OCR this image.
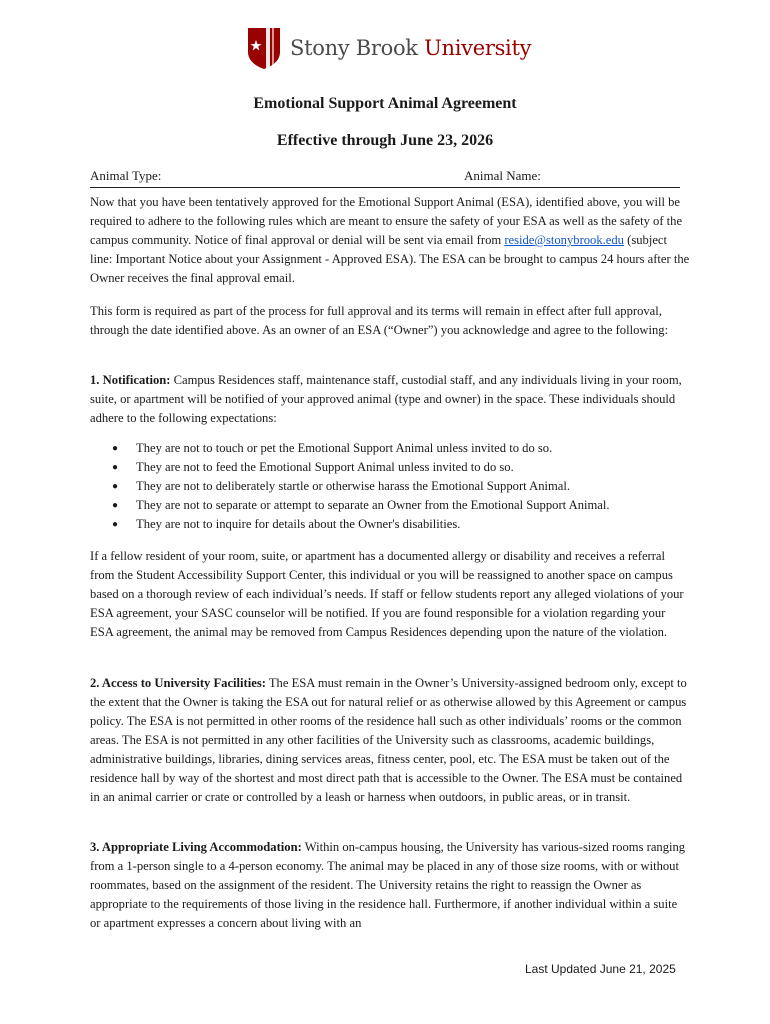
Stony Brook University
Emotional Support Animal Agreement
Effective through June 23, 2026
Animal Type:	Animal Name:

Now that you have been tentatively approved for the Emotional Support Animal (ESA), identified above, you will be required to adhere to the following rules which are meant to ensure the safety of your ESA as well as the safety of the campus community. Notice of final approval or denial will be sent via email from reside@stonybrook.edu (subject line: Important Notice about your Assignment - Approved ESA). The ESA can be brought to campus 24 hours after the Owner receives the final approval email.

This form is required as part of the process for full approval and its terms will remain in effect after full approval, through the date identified above. As an owner of an ESA (“Owner”) you acknowledge and agree to the following:

1. Notification: Campus Residences staff, maintenance staff, custodial staff, and any individuals living in your room, suite, or apartment will be notified of your approved animal (type and owner) in the space. These individuals should adhere to the following expectations:

● They are not to touch or pet the Emotional Support Animal unless invited to do so.
● They are not to feed the Emotional Support Animal unless invited to do so.
● They are not to deliberately startle or otherwise harass the Emotional Support Animal.
● They are not to separate or attempt to separate an Owner from the Emotional Support Animal.
● They are not to inquire for details about the Owner's disabilities.

If a fellow resident of your room, suite, or apartment has a documented allergy or disability and receives a referral from the Student Accessibility Support Center, this individual or you will be reassigned to another space on campus based on a thorough review of each individual’s needs. If staff or fellow students report any alleged violations of your ESA agreement, your SASC counselor will be notified. If you are found responsible for a violation regarding your ESA agreement, the animal may be removed from Campus Residences depending upon the nature of the violation.

2. Access to University Facilities: The ESA must remain in the Owner’s University-assigned bedroom only, except to the extent that the Owner is taking the ESA out for natural relief or as otherwise allowed by this Agreement or campus policy. The ESA is not permitted in other rooms of the residence hall such as other individuals’ rooms or the common areas. The ESA is not permitted in any other facilities of the University such as classrooms, academic buildings, administrative buildings, libraries, dining services areas, fitness center, pool, etc. The ESA must be taken out of the residence hall by way of the shortest and most direct path that is accessible to the Owner. The ESA must be contained in an animal carrier or crate or controlled by a leash or harness when outdoors, in public areas, or in transit.

3. Appropriate Living Accommodation: Within on-campus housing, the University has various-sized rooms ranging from a 1-person single to a 4-person economy. The animal may be placed in any of those size rooms, with or without roommates, based on the assignment of the resident. The University retains the right to reassign the Owner as appropriate to the requirements of those living in the residence hall. Furthermore, if another individual within a suite or apartment expresses a concern about living with an

Last Updated June 21, 2025
